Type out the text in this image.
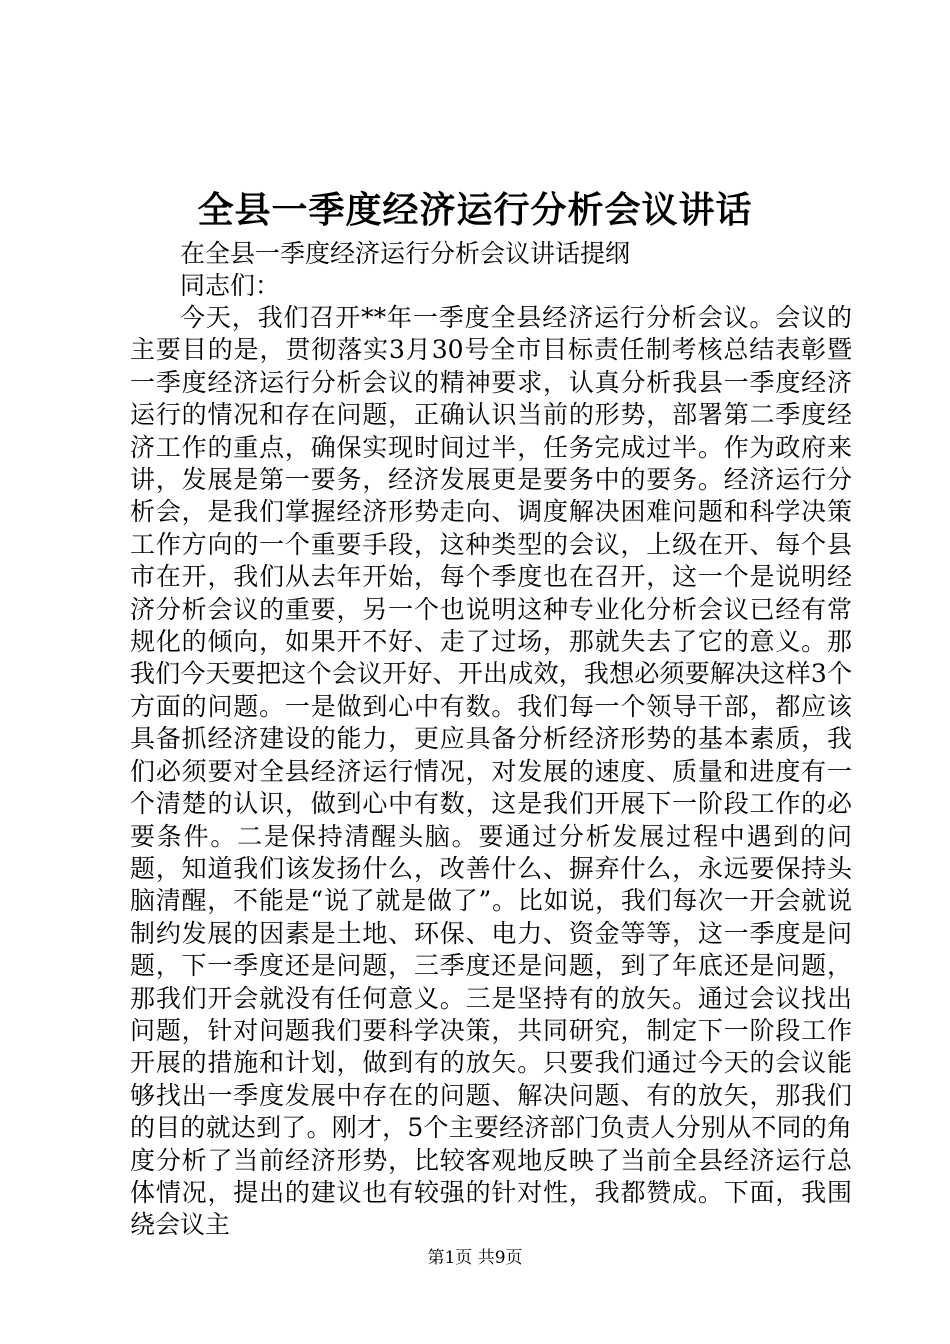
全县一季度经济运行分析会议讲话

在全县一季度经济运行分析会议讲话提纲

同志们：

今天，我们召开**年一季度全县经济运行分析会议。会议的主要目的是，贯彻落实3月30号全市目标责任制考核总结表彰暨一季度经济运行分析会议的精神要求，认真分析我县一季度经济运行的情况和存在问题，正确认识当前的形势，部署第二季度经济工作的重点，确保实现时间过半，任务完成过半。作为政府来讲，发展是第一要务，经济发展更是要务中的要务。经济运行分析会，是我们掌握经济形势走向、调度解决困难问题和科学决策工作方向的一个重要手段，这种类型的会议，上级在开、每个县市在开，我们从去年开始，每个季度也在召开，这一个是说明经济分析会议的重要，另一个也说明这种专业化分析会议已经有常规化的倾向，如果开不好、走了过场，那就失去了它的意义。那我们今天要把这个会议开好、开出成效，我想必须要解决这样3个方面的问题。一是做到心中有数。我们每一个领导干部，都应该具备抓经济建设的能力，更应具备分析经济形势的基本素质，我们必须要对全县经济运行情况，对发展的速度、质量和进度有一个清楚的认识，做到心中有数，这是我们开展下一阶段工作的必要条件。二是保持清醒头脑。要通过分析发展过程中遇到的问题，知道我们该发扬什么，改善什么、摒弃什么，永远要保持头脑清醒，不能是“说了就是做了”。比如说，我们每次一开会就说制约发展的因素是土地、环保、电力、资金等等，这一季度是问题，下一季度还是问题，三季度还是问题，到了年底还是问题，那我们开会就没有任何意义。三是坚持有的放矢。通过会议找出问题，针对问题我们要科学决策，共同研究，制定下一阶段工作开展的措施和计划，做到有的放矢。只要我们通过今天的会议能够找出一季度发展中存在的问题、解决问题、有的放矢，那我们的目的就达到了。刚才，5个主要经济部门负责人分别从不同的角度分析了当前经济形势，比较客观地反映了当前全县经济运行总体情况，提出的建议也有较强的针对性，我都赞成。下面，我围绕会议主

第1页 共9页
